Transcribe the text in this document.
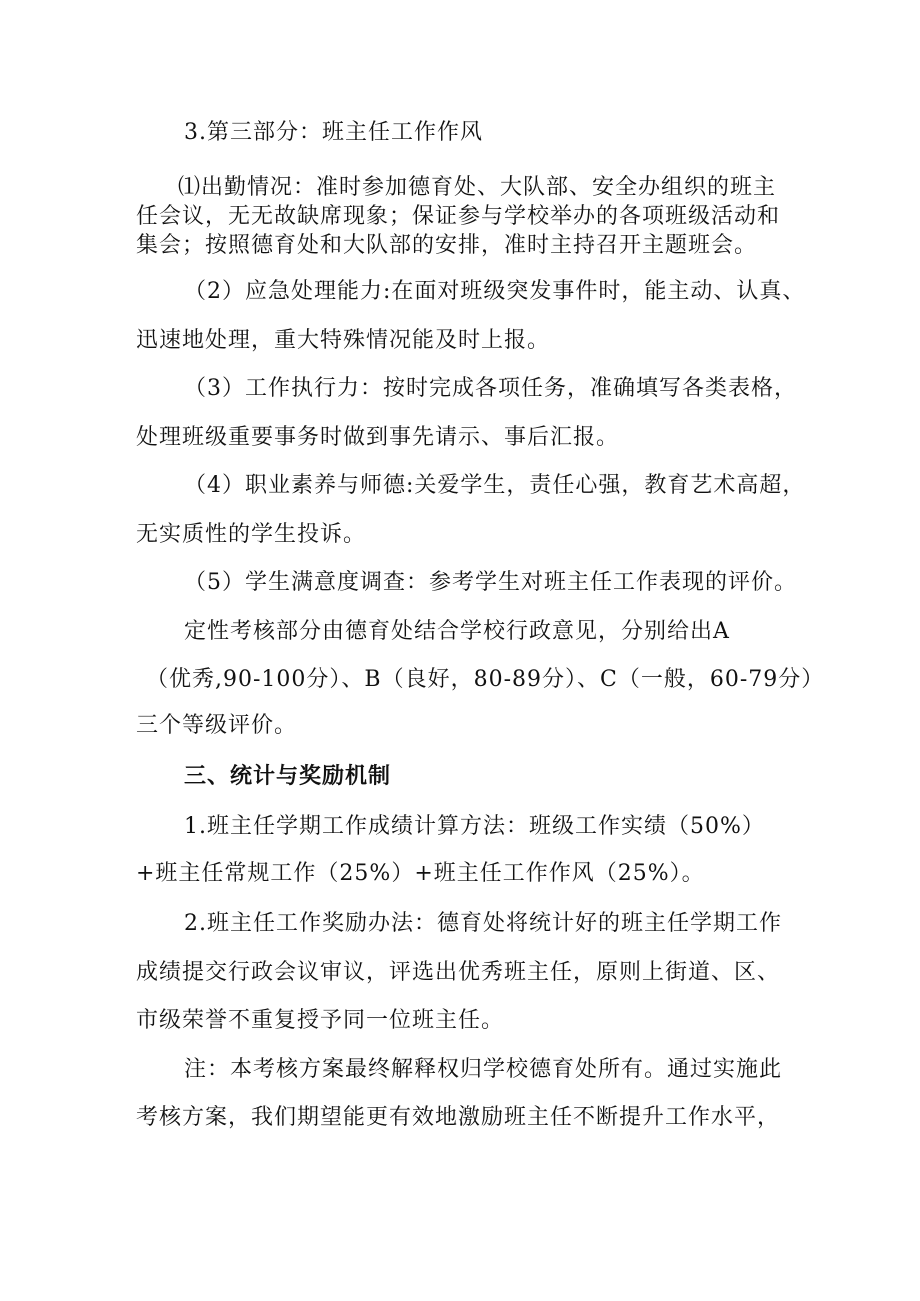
3.第三部分：班主任工作作风
⑴出勤情况：准时参加德育处、大队部、安全办组织的班主
任会议，无无故缺席现象；保证参与学校举办的各项班级活动和
集会；按照德育处和大队部的安排，准时主持召开主题班会。
（2）应急处理能力:在面对班级突发事件时，能主动、认真、
迅速地处理，重大特殊情况能及时上报。
（3）工作执行力：按时完成各项任务，准确填写各类表格，
处理班级重要事务时做到事先请示、事后汇报。
（4）职业素养与师德:关爱学生，责任心强，教育艺术高超，
无实质性的学生投诉。
（5）学生满意度调查：参考学生对班主任工作表现的评价。
定性考核部分由德育处结合学校行政意见，分别给出A
（优秀,90-100分）、B（良好，80-89分）、C（一般，60-79分）
三个等级评价。
三、统计与奖励机制
1.班主任学期工作成绩计算方法：班级工作实绩（50%）
+班主任常规工作（25%）+班主任工作作风（25%）。
2.班主任工作奖励办法：德育处将统计好的班主任学期工作
成绩提交行政会议审议，评选出优秀班主任，原则上街道、区、
市级荣誉不重复授予同一位班主任。
注：本考核方案最终解释权归学校德育处所有。通过实施此
考核方案，我们期望能更有效地激励班主任不断提升工作水平，
